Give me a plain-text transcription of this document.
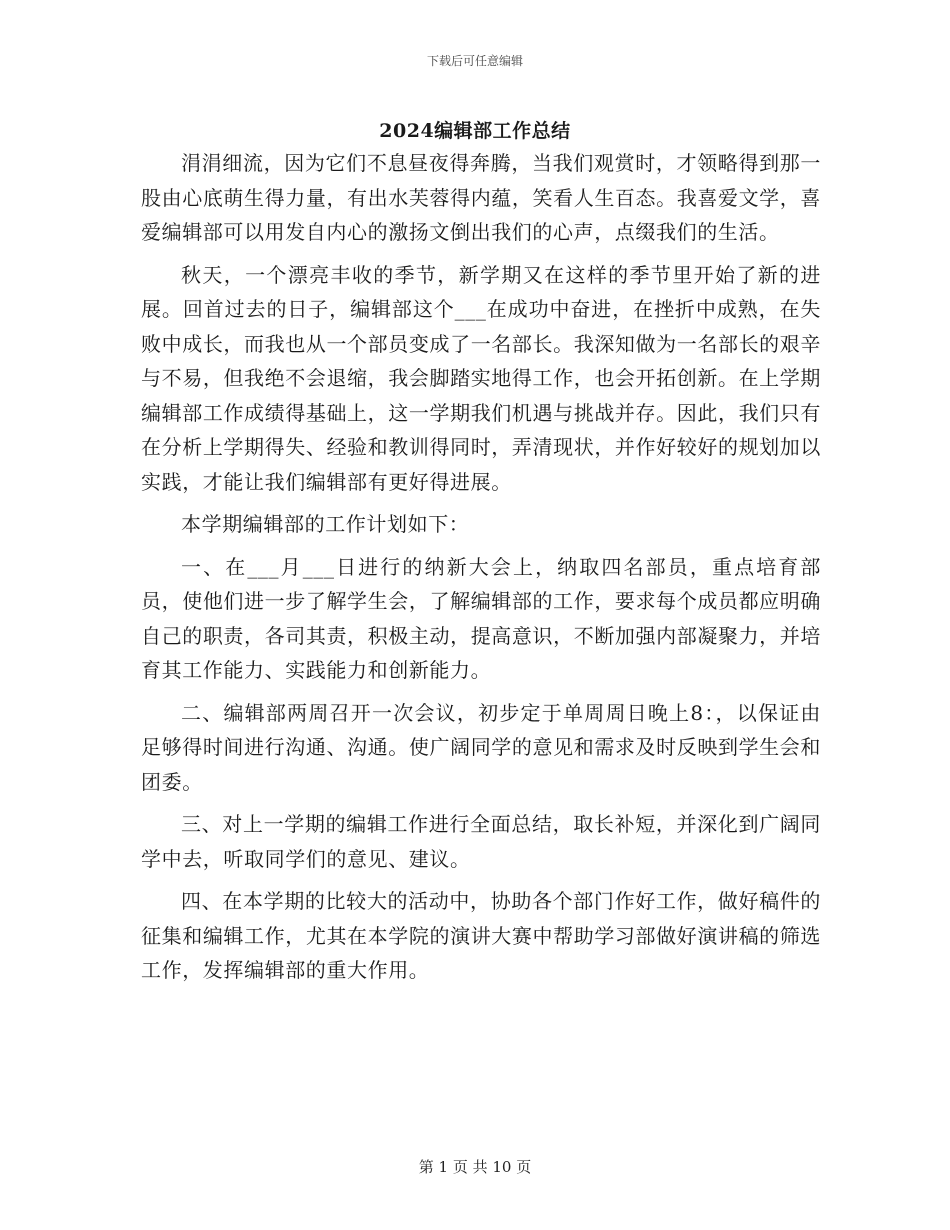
下载后可任意编辑
2024编辑部工作总结

涓涓细流，因为它们不息昼夜得奔腾，当我们观赏时，才领略得到那一股由心底萌生得力量，有出水芙蓉得内蕴，笑看人生百态。我喜爱文学，喜爱编辑部可以用发自内心的激扬文倒出我们的心声，点缀我们的生活。

秋天，一个漂亮丰收的季节，新学期又在这样的季节里开始了新的进展。回首过去的日子，编辑部这个___在成功中奋进，在挫折中成熟，在失败中成长，而我也从一个部员变成了一名部长。我深知做为一名部长的艰辛与不易，但我绝不会退缩，我会脚踏实地得工作，也会开拓创新。在上学期编辑部工作成绩得基础上，这一学期我们机遇与挑战并存。因此，我们只有在分析上学期得失、经验和教训得同时，弄清现状，并作好较好的规划加以实践，才能让我们编辑部有更好得进展。

本学期编辑部的工作计划如下：

一、在___月___日进行的纳新大会上，纳取四名部员，重点培育部员，使他们进一步了解学生会，了解编辑部的工作，要求每个成员都应明确自己的职责，各司其责，积极主动，提高意识，不断加强内部凝聚力，并培育其工作能力、实践能力和创新能力。

二、编辑部两周召开一次会议，初步定于单周周日晚上8：，以保证由足够得时间进行沟通、沟通。使广阔同学的意见和需求及时反映到学生会和团委。

三、对上一学期的编辑工作进行全面总结，取长补短，并深化到广阔同学中去，听取同学们的意见、建议。

四、在本学期的比较大的活动中，协助各个部门作好工作，做好稿件的征集和编辑工作，尤其在本学院的演讲大赛中帮助学习部做好演讲稿的筛选工作，发挥编辑部的重大作用。

第 1 页 共 10 页
